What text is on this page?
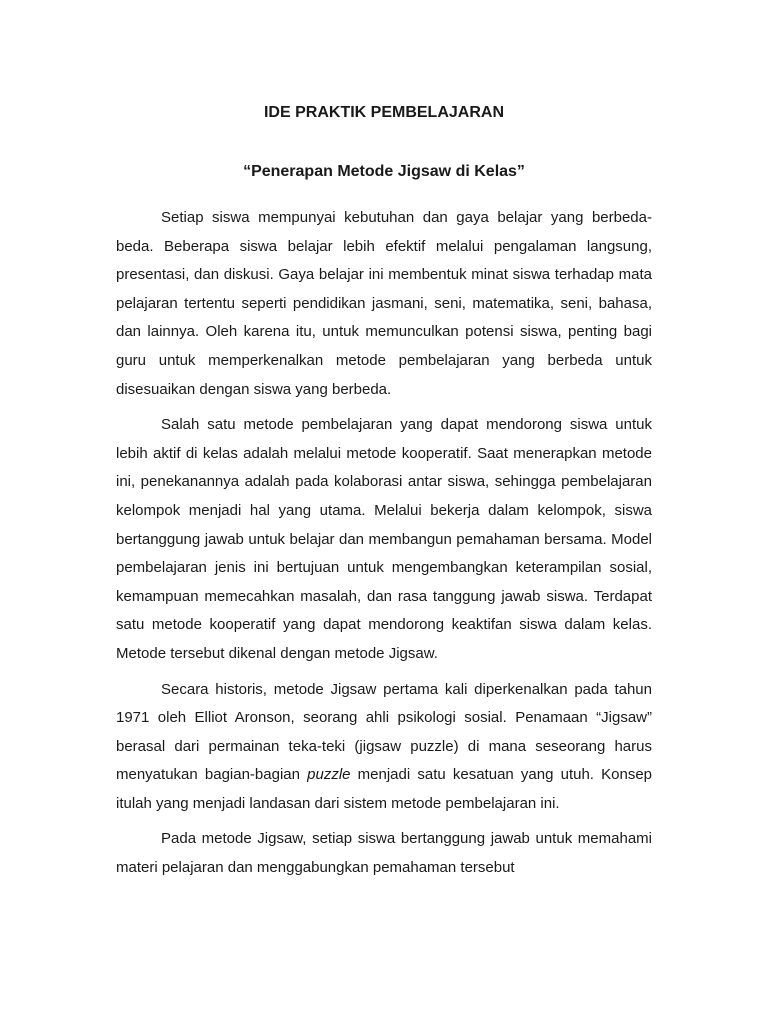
IDE PRAKTIK PEMBELAJARAN
“Penerapan Metode Jigsaw di Kelas”

Setiap siswa mempunyai kebutuhan dan gaya belajar yang berbeda-beda. Beberapa siswa belajar lebih efektif melalui pengalaman langsung, presentasi, dan diskusi. Gaya belajar ini membentuk minat siswa terhadap mata pelajaran tertentu seperti pendidikan jasmani, seni, matematika, seni, bahasa, dan lainnya. Oleh karena itu, untuk memunculkan potensi siswa, penting bagi guru untuk memperkenalkan metode pembelajaran yang berbeda untuk disesuaikan dengan siswa yang berbeda.

Salah satu metode pembelajaran yang dapat mendorong siswa untuk lebih aktif di kelas adalah melalui metode kooperatif. Saat menerapkan metode ini, penekanannya adalah pada kolaborasi antar siswa, sehingga pembelajaran kelompok menjadi hal yang utama. Melalui bekerja dalam kelompok, siswa bertanggung jawab untuk belajar dan membangun pemahaman bersama. Model pembelajaran jenis ini bertujuan untuk mengembangkan keterampilan sosial, kemampuan memecahkan masalah, dan rasa tanggung jawab siswa. Terdapat satu metode kooperatif yang dapat mendorong keaktifan siswa dalam kelas. Metode tersebut dikenal dengan metode Jigsaw.

Secara historis, metode Jigsaw pertama kali diperkenalkan pada tahun 1971 oleh Elliot Aronson, seorang ahli psikologi sosial. Penamaan “Jigsaw” berasal dari permainan teka-teki (jigsaw puzzle) di mana seseorang harus menyatukan bagian-bagian puzzle menjadi satu kesatuan yang utuh. Konsep itulah yang menjadi landasan dari sistem metode pembelajaran ini.

Pada metode Jigsaw, setiap siswa bertanggung jawab untuk memahami materi pelajaran dan menggabungkan pemahaman tersebut
